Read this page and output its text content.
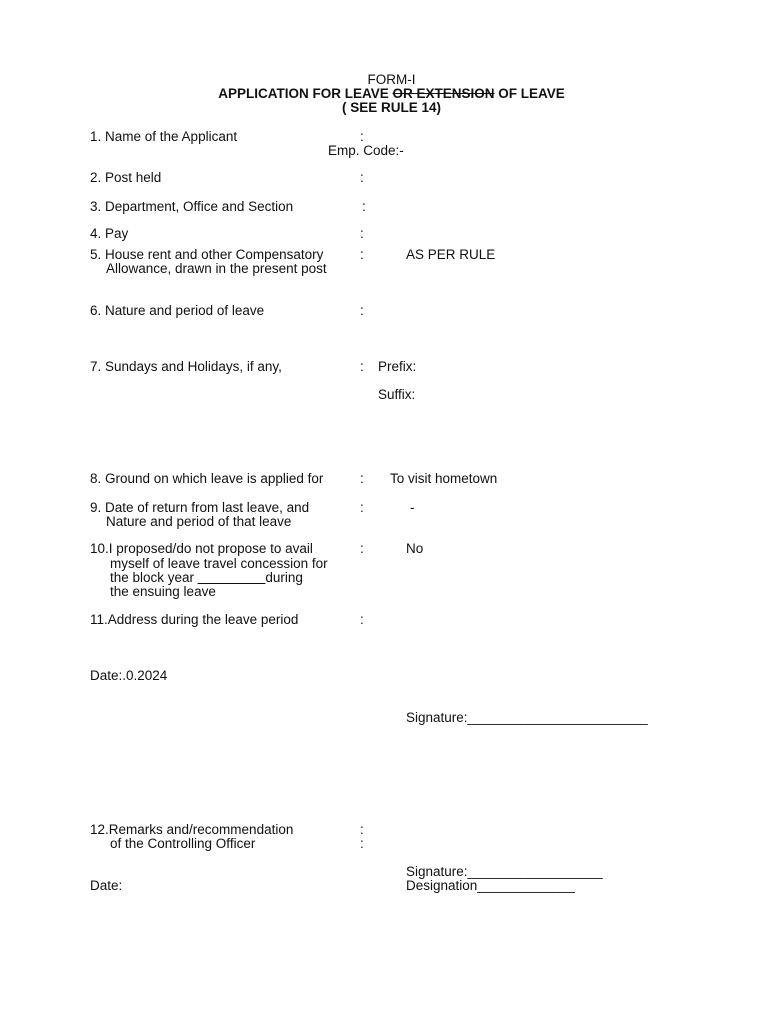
FORM-I
APPLICATION FOR LEAVE OR EXTENSION OF LEAVE
( SEE RULE 14)
1. Name of the Applicant	:
Emp. Code:-
2. Post held	:
3. Department, Office and Section	:
4. Pay	:
5. House rent and other Compensatory
Allowance, drawn in the present post
:	AS PER RULE
6. Nature and period of leave	:
7. Sundays and Holidays, if any,	: Prefix:
Suffix:
8. Ground on which leave is applied for	: To visit hometown
9. Date of return from last leave, and
Nature and period of that leave
:	-
10.I proposed/do not propose to avail
myself of leave travel concession for
the block year _________during
the ensuing leave
:	No
11.Address during the leave period	:
Date:.0.2024
Signature:________________________
12.Remarks and/recommendation
of the Controlling Officer
:
:
Signature:__________________
Designation_____________
Date:
